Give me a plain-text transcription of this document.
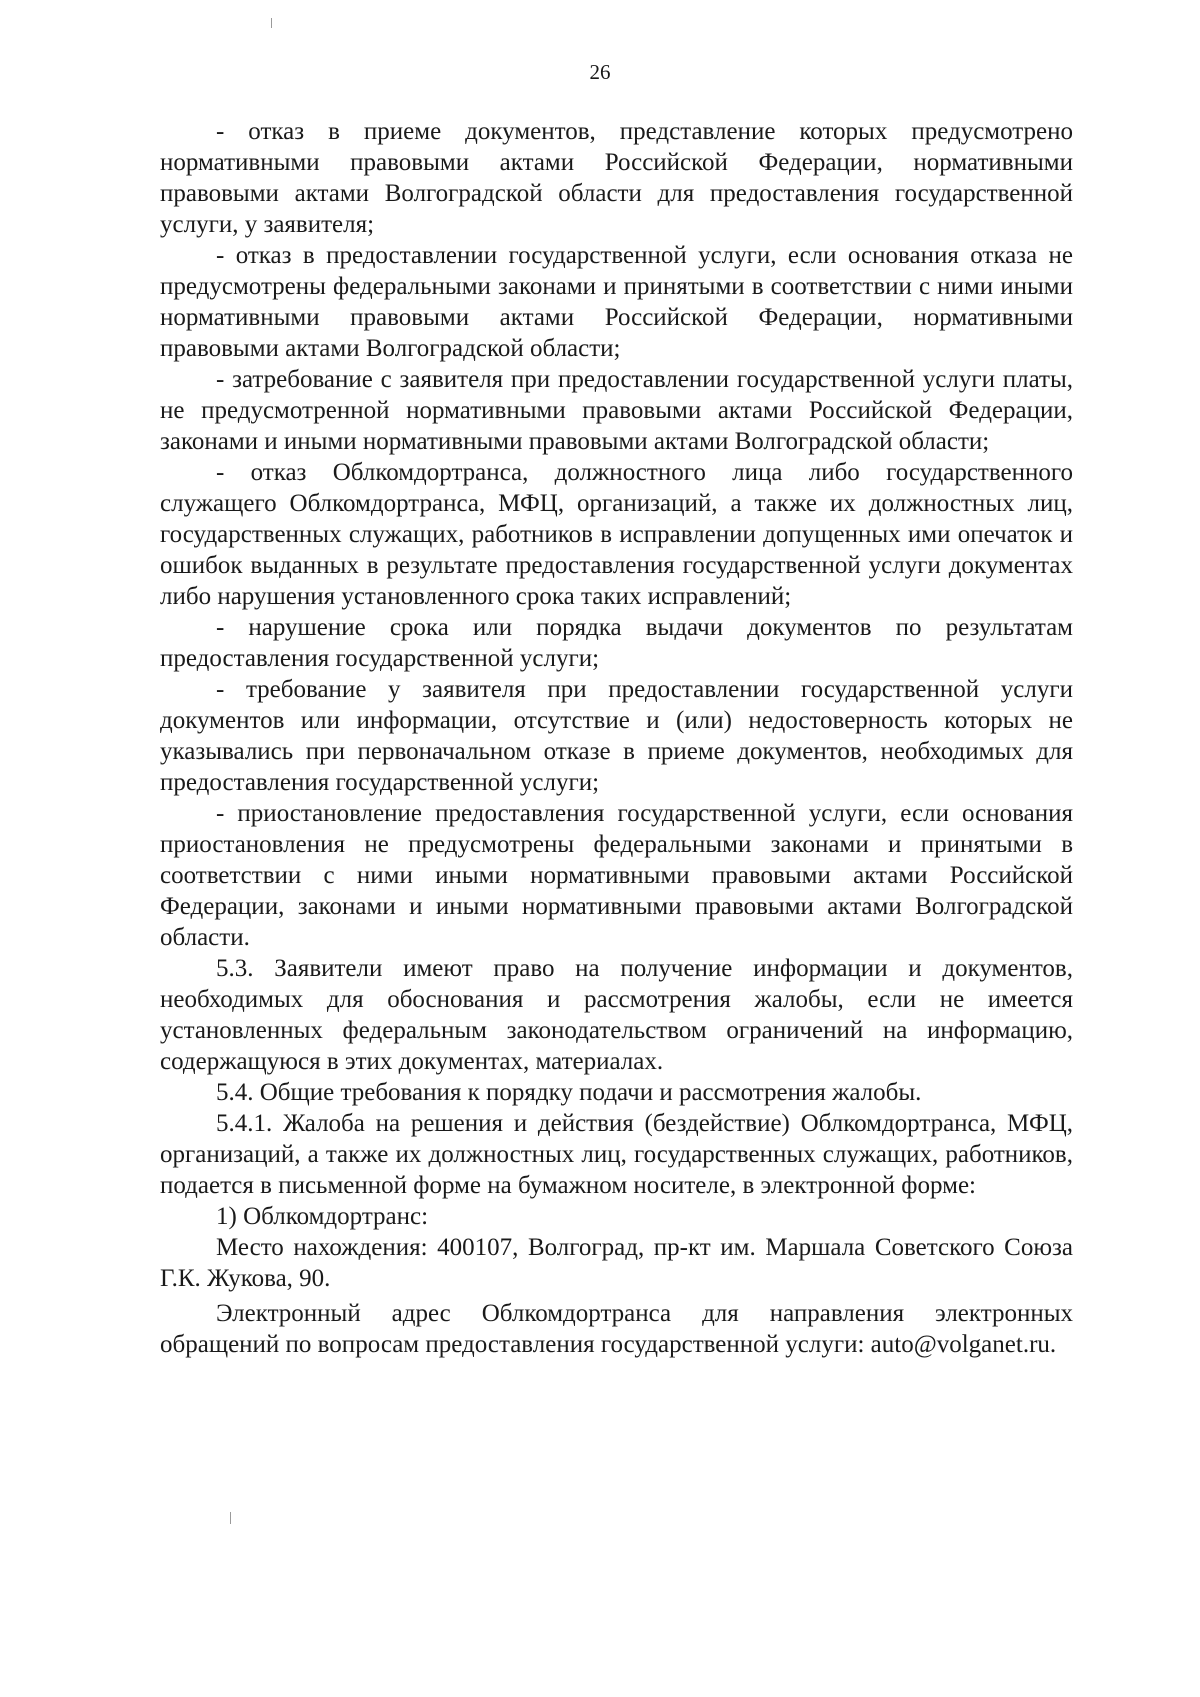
26

- отказ в приеме документов, представление которых предусмотрено нормативными правовыми актами Российской Федерации, нормативными правовыми актами Волгоградской области для предоставления государственной услуги, у заявителя;

- отказ в предоставлении государственной услуги, если основания отказа не предусмотрены федеральными законами и принятыми в соответствии с ними иными нормативными правовыми актами Российской Федерации, нормативными правовыми актами Волгоградской области;

- затребование с заявителя при предоставлении государственной услуги платы, не предусмотренной нормативными правовыми актами Российской Федерации, законами и иными нормативными правовыми актами Волгоградской области;

- отказ Облкомдортранса, должностного лица либо государственного служащего Облкомдортранса, МФЦ, организаций, а также их должностных лиц, государственных служащих, работников в исправлении допущенных ими опечаток и ошибок выданных в результате предоставления государственной услуги документах либо нарушения установленного срока таких исправлений;

- нарушение срока или порядка выдачи документов по результатам предоставления государственной услуги;

- требование у заявителя при предоставлении государственной услуги документов или информации, отсутствие и (или) недостоверность которых не указывались при первоначальном отказе в приеме документов, необходимых для предоставления государственной услуги;

- приостановление предоставления государственной услуги, если основания приостановления не предусмотрены федеральными законами и принятыми в соответствии с ними иными нормативными правовыми актами Российской Федерации, законами и иными нормативными правовыми актами Волгоградской области.

5.3. Заявители имеют право на получение информации и документов, необходимых для обоснования и рассмотрения жалобы, если не имеется установленных федеральным законодательством ограничений на информацию, содержащуюся в этих документах, материалах.

5.4. Общие требования к порядку подачи и рассмотрения жалобы.

5.4.1. Жалоба на решения и действия (бездействие) Облкомдортранса, МФЦ, организаций, а также их должностных лиц, государственных служащих, работников, подается в письменной форме на бумажном носителе, в электронной форме:

1) Облкомдортранс:

Место нахождения: 400107, Волгоград, пр-кт им. Маршала Советского Союза Г.К. Жукова, 90.

Электронный адрес Облкомдортранса для направления электронных обращений по вопросам предоставления государственной услуги: auto@volganet.ru.
